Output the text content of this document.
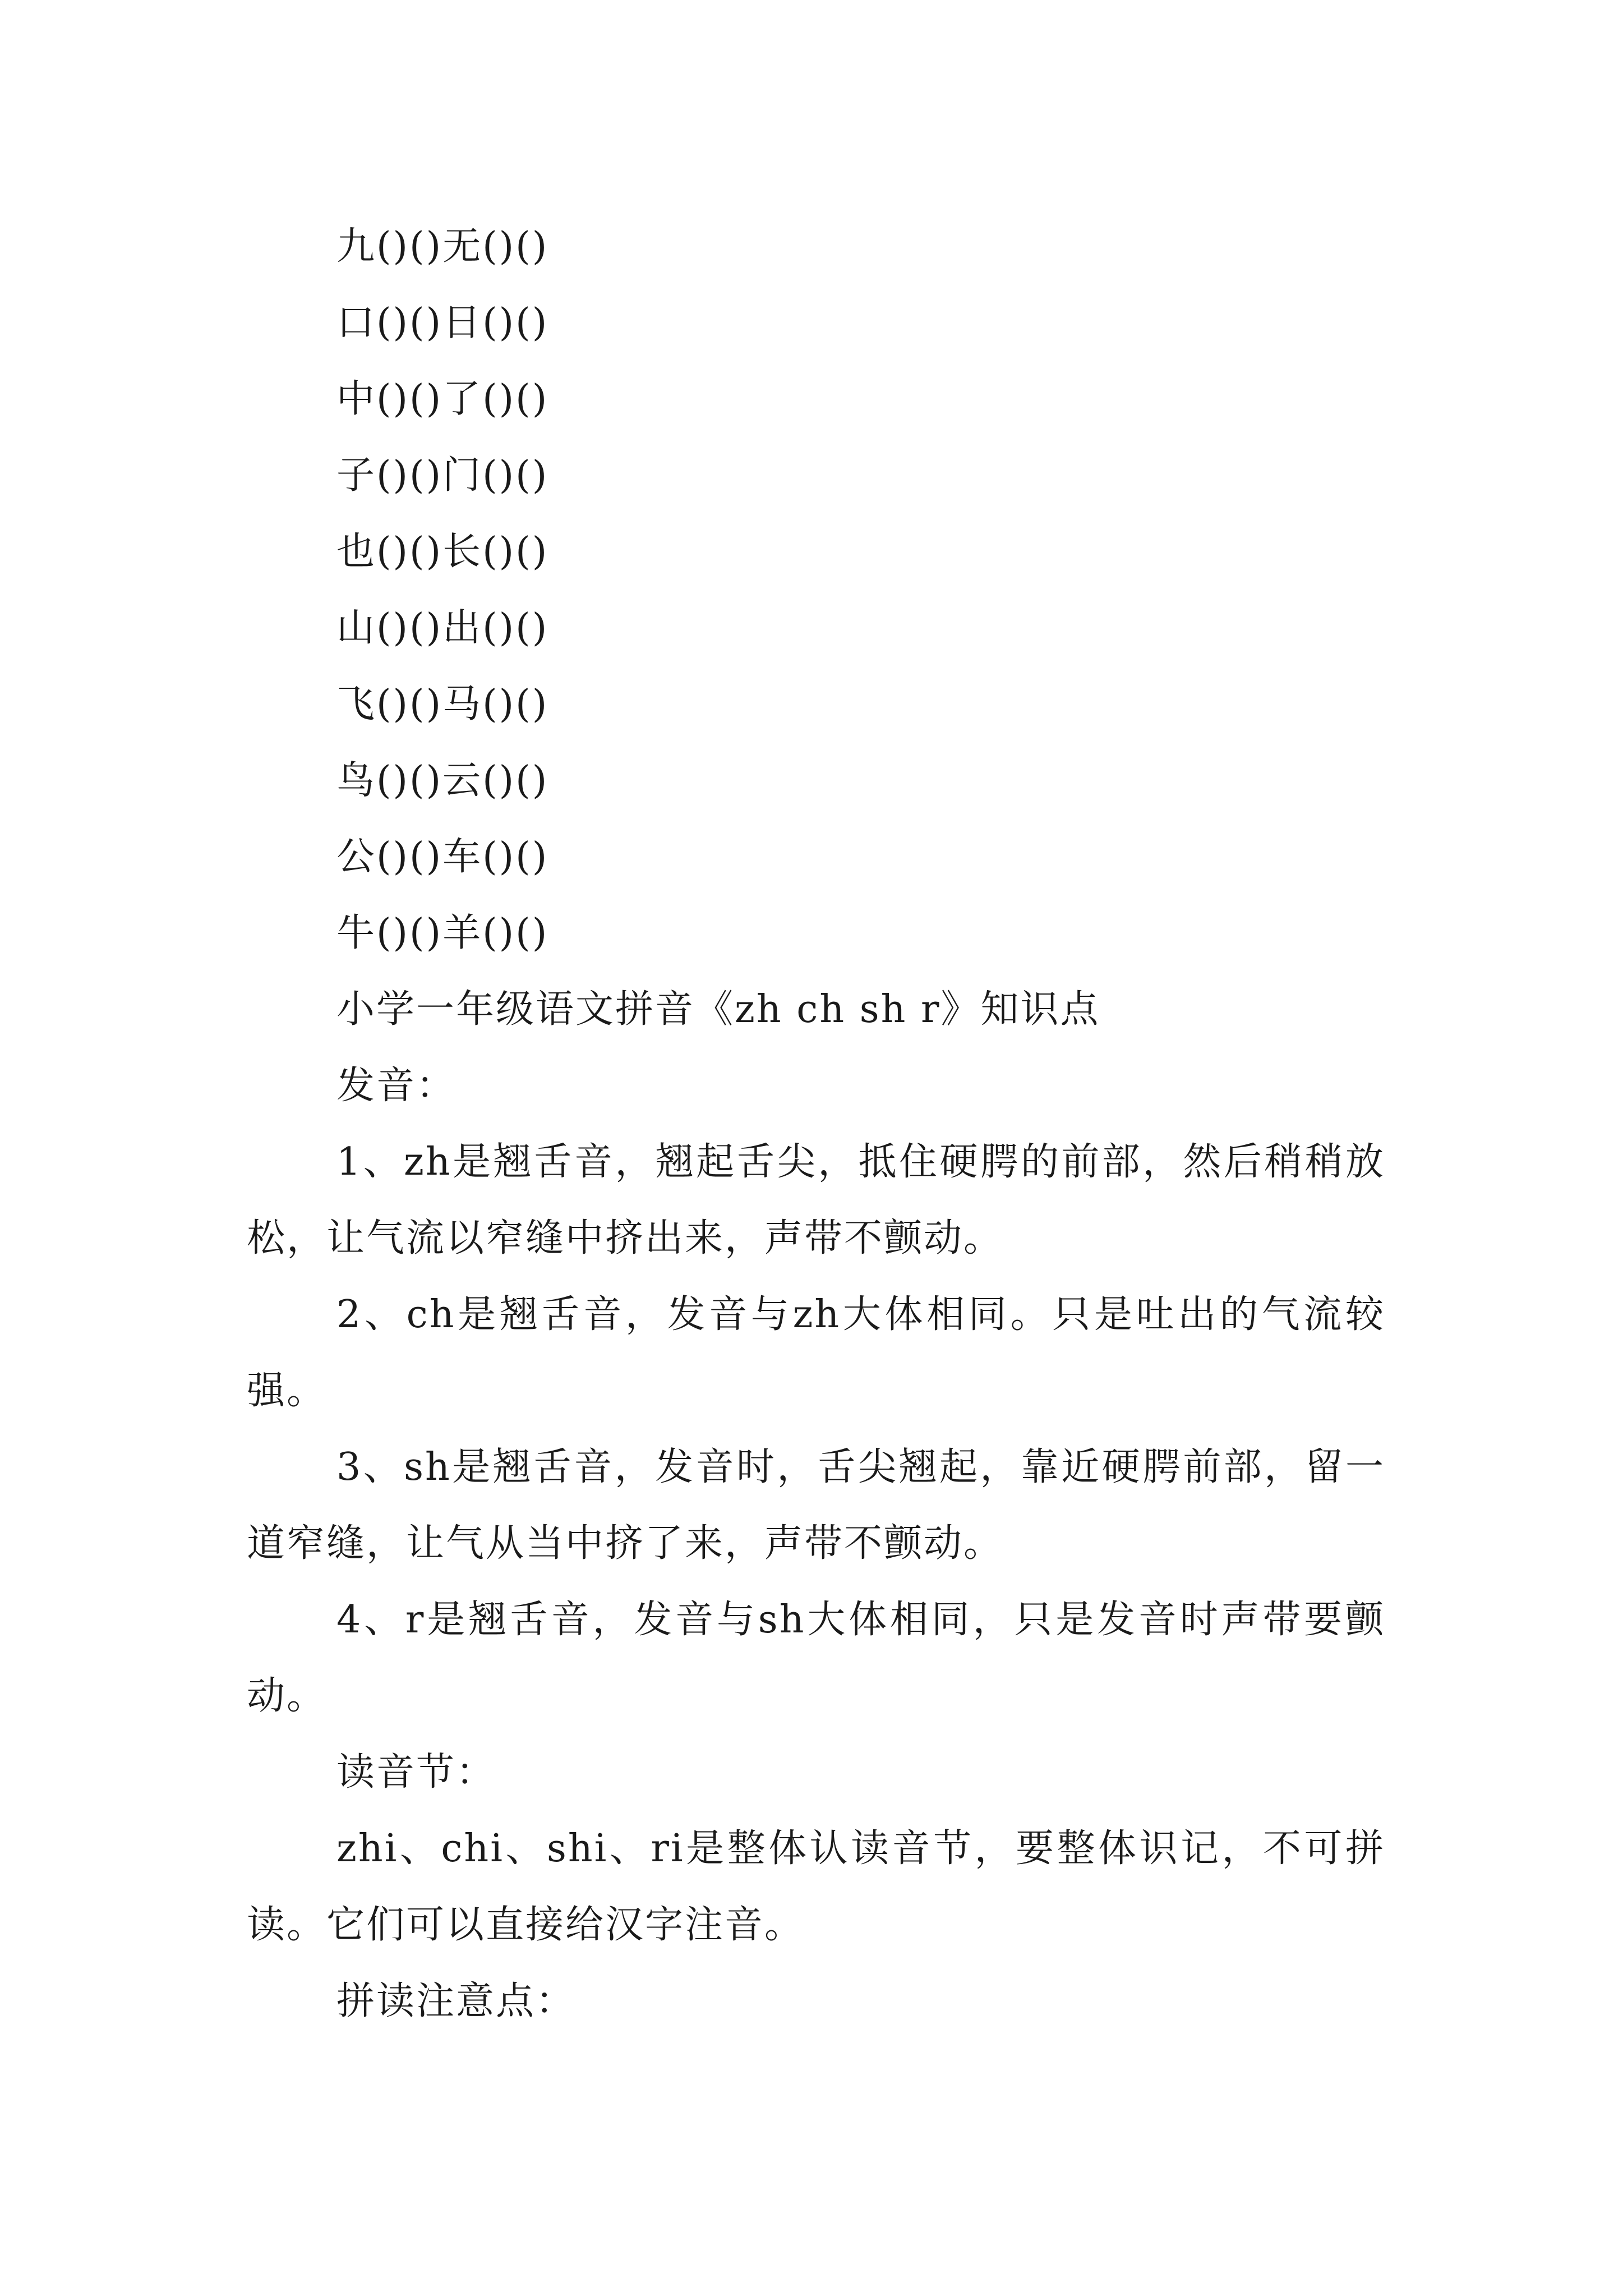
九()()无()()
口()()日()()
中()()了()()
子()()门()()
也()()长()()
山()()出()()
飞()()马()()
鸟()()云()()
公()()车()()
牛()()羊()()
小学一年级语文拼音《zh ch sh r》知识点
发音：

1、zh是翘舌音，翘起舌尖，抵住硬腭的前部，然后稍稍放松，让气流以窄缝中挤出来，声带不颤动。

2、ch是翘舌音，发音与zh大体相同。只是吐出的气流较强。

3、sh是翘舌音，发音时，舌尖翘起，靠近硬腭前部，留一道窄缝，让气从当中挤了来，声带不颤动。

4、r是翘舌音，发音与sh大体相同，只是发音时声带要颤动。

读音节：

zhi、chi、shi、ri是整体认读音节，要整体识记，不可拼读。它们可以直接给汉字注音。

拼读注意点：
